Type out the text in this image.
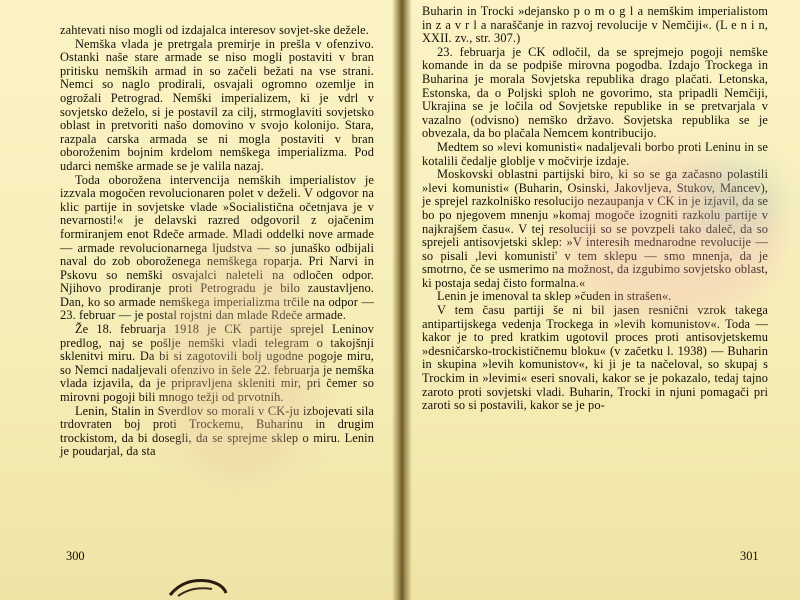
zahtevati niso mogli od izdajalca interesov sovjet-ske dežele.

Nemška vlada je pretrgala premirje in prešla v ofenzivo. Ostanki naše stare armade se niso mogli postaviti v bran pritisku nemških armad in so začeli bežati na vse strani. Nemci so naglo prodirali, osvajali ogromno ozemlje in ogrožali Petrograd. Nemški imperializem, ki je vdrl v sovjetsko deželo, si je postavil za cilj, strmoglaviti sovjetsko oblast in pretvoriti našo domovino v svojo kolonijo. Stara, razpala carska armada se ni mogla postaviti v bran oboroženim bojnim krdelom nemškega imperializma. Pod udarci nemške armade se je valila nazaj.

Toda oborožena intervencija nemških imperialistov je izzvala mogočen revolucionaren polet v deželi. V odgovor na klic partije in sovjetske vlade »Socialistična očetnjava je v nevarnosti!« je delavski razred odgovoril z ojačenim formiranjem enot Rdeče armade. Mladi oddelki nove armade — armade revolucionarnega ljudstva — so junaško odbijali naval do zob oboroženega nemškega roparja. Pri Narvi in Pskovu so nemški osvajalci naleteli na odločen odpor. Njihovo prodiranje proti Petrogradu je bilo zaustavljeno. Dan, ko so armade nemškega imperializma trčile na odpor — 23. februar — je postal rojstni dan mlade Rdeče armade.

Že 18. februarja 1918 je CK partije sprejel Leninov predlog, naj se pošlje nemški vladi telegram o takojšnji sklenitvi miru. Da bi si zagotovili bolj ugodne pogoje miru, so Nemci nadaljevali ofenzivo in šele 22. februarja je nemška vlada izjavila, da je pripravljena skleniti mir, pri čemer so mirovni pogoji bili mnogo težji od prvotnih.

Lenin, Stalin in Sverdlov so morali v CK-ju izbojevati sila trdovraten boj proti Trockemu, Buharinu in drugim trockistom, da bi dosegli, da se sprejme sklep o miru. Lenin je poudarjal, da sta

300

Buharin in Trocki »dejansko p o m o g l a nemškim imperialistom in z a v r l a naraščanje in razvoj revolucije v Nemčiji«. (L e n i n, XXII. zv., str. 307.)

23. februarja je CK odločil, da se sprejmejo pogoji nemške komande in da se podpiše mirovna pogodba. Izdajo Trockega in Buharina je morala Sovjetska republika drago plačati. Letonska, Estonska, da o Poljski sploh ne govorimo, sta pripadli Nemčiji, Ukrajina se je ločila od Sovjetske republike in se pretvarjala v vazalno (odvisno) nemško državo. Sovjetska republika se je obvezala, da bo plačala Nemcem kontribucijo.

Medtem so »levi komunisti« nadaljevali borbo proti Leninu in se kotalili čedalje globlje v močvirje izdaje.

Moskovski oblastni partijski biro, ki so se ga začasno polastili »levi komunisti« (Buharin, Osinski, Jakovljeva, Stukov, Mancev), je sprejel razkolniško resolucijo nezaupanja v CK in je izjavil, da se bo po njegovem mnenju »komaj mogoče izogniti razkolu partije v najkrajšem času«. V tej resoluciji so se povzpeli tako daleč, da so sprejeli antisovjetski sklep: »V interesih mednarodne revolucije — so pisali ,levi komunisti' v tem sklepu — smo mnenja, da je smotrno, če se usmerimo na možnost, da izgubimo sovjetsko oblast, ki postaja sedaj čisto formalna.«

Lenin je imenoval ta sklep »čuden in strašen«.

V tem času partiji še ni bil jasen resnični vzrok takega antipartijskega vedenja Trockega in »levih komunistov«. Toda — kakor je to pred kratkim ugotovil proces proti antisovjetskemu »desničarsko-trockističnemu bloku« (v začetku l. 1938) — Buharin in skupina »levih komunistov«, ki ji je ta načeloval, so skupaj s Trockim in »levimi« eseri snovali, kakor se je pokazalo, tedaj tajno zaroto proti sovjetski vladi. Buharin, Trocki in njuni pomagači pri zaroti so si postavili, kakor se je po-

301
